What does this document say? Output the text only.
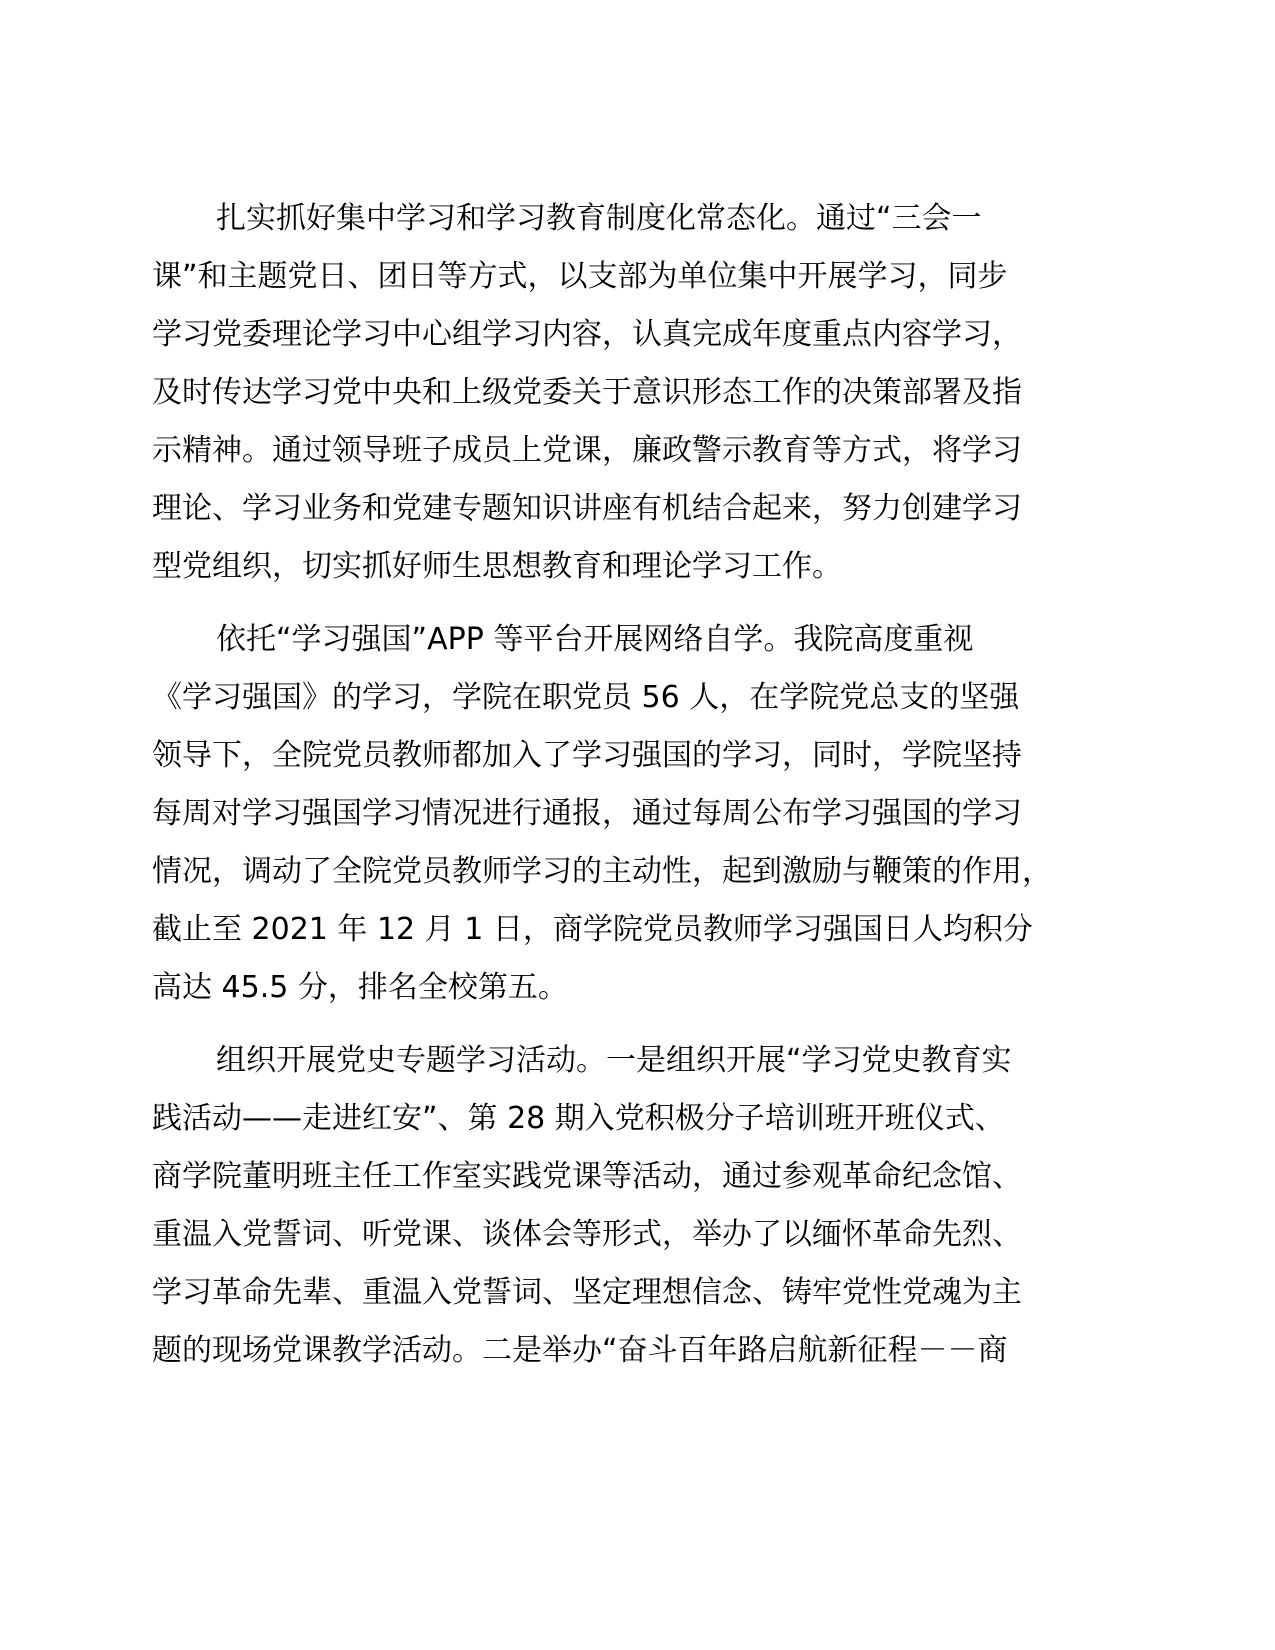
扎实抓好集中学习和学习教育制度化常态化。通过“三会一
课”和主题党日、团日等方式，以支部为单位集中开展学习，同步
学习党委理论学习中心组学习内容，认真完成年度重点内容学习，
及时传达学习党中央和上级党委关于意识形态工作的决策部署及指
示精神。通过领导班子成员上党课，廉政警示教育等方式，将学习
理论、学习业务和党建专题知识讲座有机结合起来，努力创建学习
型党组织，切实抓好师生思想教育和理论学习工作。
依托“学习强国”APP 等平台开展网络自学。我院高度重视
《学习强国》的学习，学院在职党员 56 人，在学院党总支的坚强
领导下，全院党员教师都加入了学习强国的学习，同时，学院坚持
每周对学习强国学习情况进行通报，通过每周公布学习强国的学习
情况，调动了全院党员教师学习的主动性，起到激励与鞭策的作用，
截止至 2021 年 12 月 1 日，商学院党员教师学习强国日人均积分
高达 45.5 分，排名全校第五。
组织开展党史专题学习活动。一是组织开展“学习党史教育实
践活动——走进红安”、第 28 期入党积极分子培训班开班仪式、
商学院董明班主任工作室实践党课等活动，通过参观革命纪念馆、
重温入党誓词、听党课、谈体会等形式，举办了以缅怀革命先烈、
学习革命先辈、重温入党誓词、坚定理想信念、铸牢党性党魂为主
题的现场党课教学活动。二是举办“奋斗百年路启航新征程－－商
